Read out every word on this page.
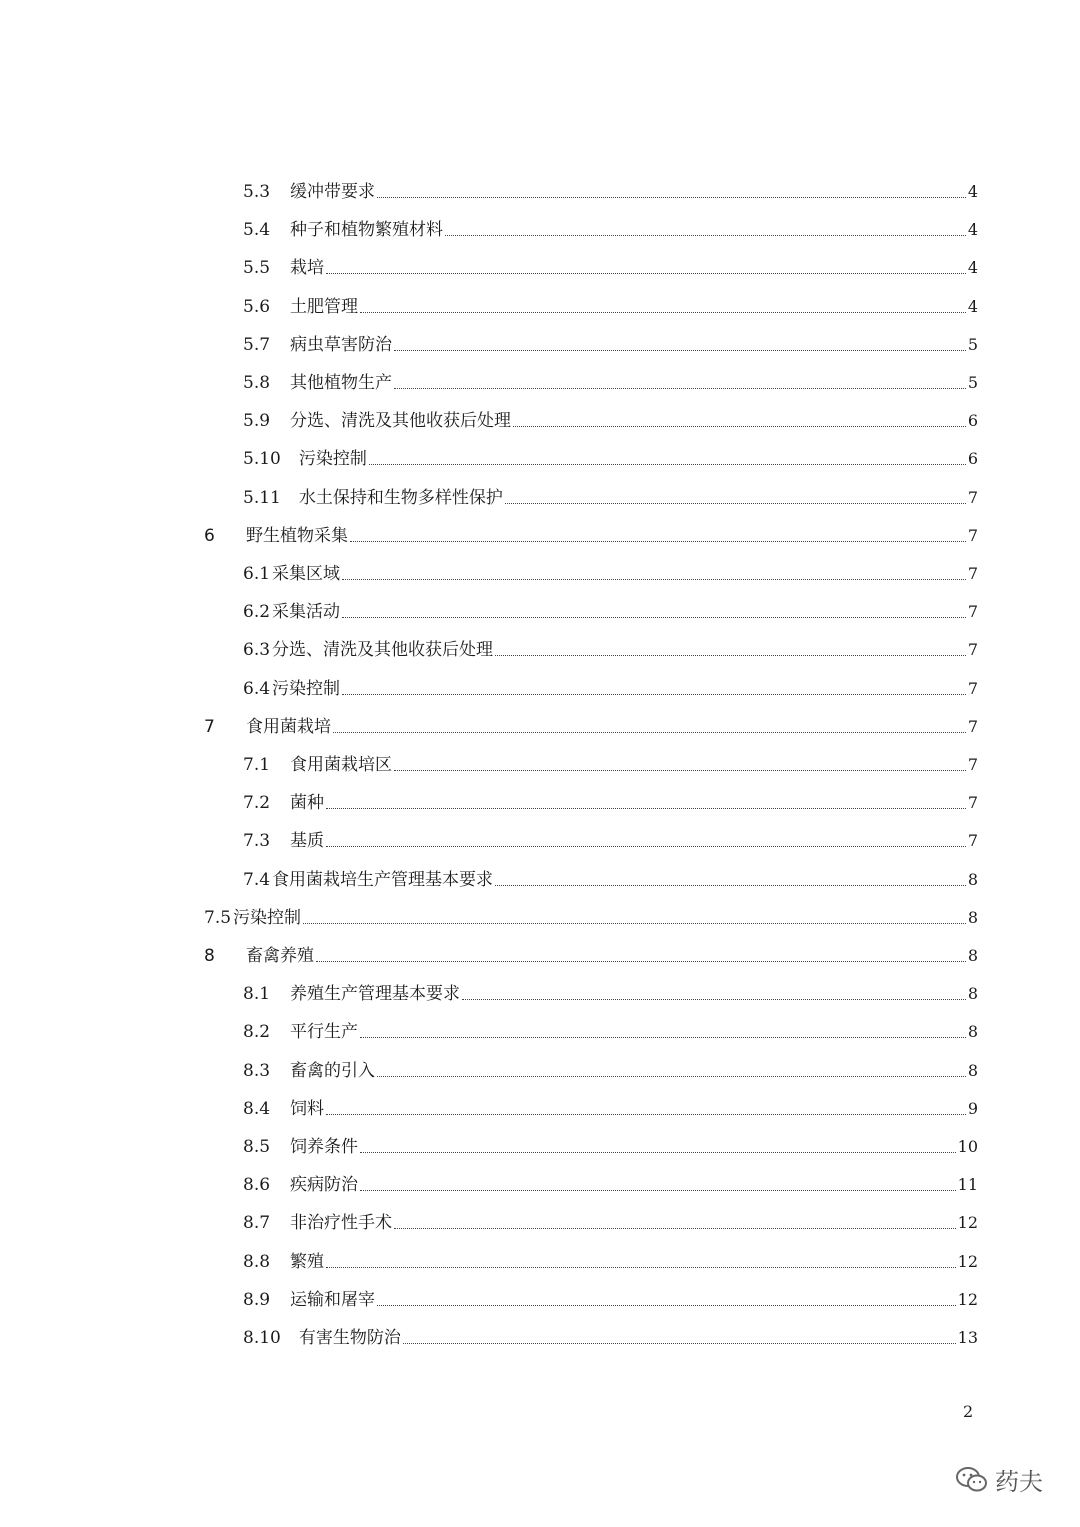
5.3	缓冲带要求	4
5.4	种子和植物繁殖材料	4
5.5	栽培	4
5.6	土肥管理	4
5.7	病虫草害防治	5
5.8	其他植物生产	5
5.9	分选、清洗及其他收获后处理	6
5.10	污染控制	6
5.11	水土保持和生物多样性保护	7
6	野生植物采集	7
6.1 采集区域	7
6.2 采集活动	7
6.3 分选、清洗及其他收获后处理	7
6.4 污染控制	7
7	食用菌栽培	7
7.1	食用菌栽培区	7
7.2	菌种	7
7.3	基质	7
7.4 食用菌栽培生产管理基本要求	8
7.5 污染控制	8
8	畜禽养殖	8
8.1	养殖生产管理基本要求	8
8.2	平行生产	8
8.3	畜禽的引入	8
8.4	饲料	9
8.5	饲养条件	10
8.6	疾病防治	11
8.7	非治疗性手术	12
8.8	繁殖	12
8.9	运输和屠宰	12
8.10	有害生物防治	13
2
药夫
